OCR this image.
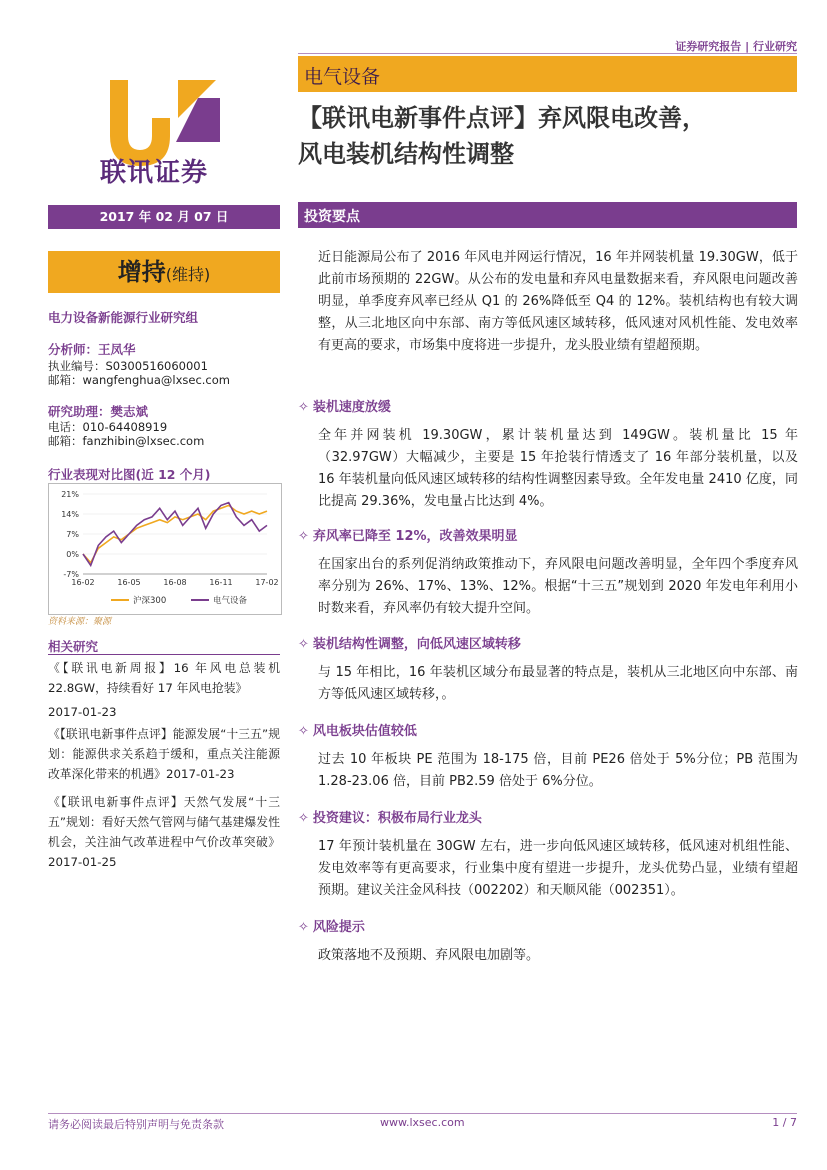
证券研究报告 | 行业研究
电气设备
【联讯电新事件点评】弃风限电改善，
风电装机结构性调整
联讯证券
2017 年 02 月 07 日
增持(维持)
电力设备新能源行业研究组
分析师：王凤华
执业编号：S0300516060001
邮箱：wangfenghua@lxsec.com
研究助理：樊志斌
电话：010-64408919
邮箱：fanzhibin@lxsec.com
行业表现对比图(近 12 个月)
21%
14%
7%
0%
-7%
16-02	16-05	16-08	16-11	17-02
沪深300	电气设备
资料来源：聚源
相关研究
《【联讯电新周报】16 年风电总装机 22.8GW，持续看好 17 年风电抢装》
2017-01-23
《【联讯电新事件点评】能源发展“十三五”规划：能源供求关系趋于缓和，重点关注能源改革深化带来的机遇》2017-01-23
《【联讯电新事件点评】天然气发展“十三五”规划：看好天然气管网与储气基建爆发性机会，关注油气改革进程中气价改革突破》2017-01-25
投资要点
近日能源局公布了 2016 年风电并网运行情况，16 年并网装机量 19.30GW，低于此前市场预期的 22GW。从公布的发电量和弃风电量数据来看，弃风限电问题改善明显，单季度弃风率已经从 Q1 的 26%降低至 Q4 的 12%。装机结构也有较大调整，从三北地区向中东部、南方等低风速区域转移，低风速对风机性能、发电效率有更高的要求，市场集中度将进一步提升，龙头股业绩有望超预期。
✧ 装机速度放缓
全年并网装机 19.30GW，累计装机量达到 149GW。装机量比 15 年（32.97GW）大幅减少，主要是 15 年抢装行情透支了 16 年部分装机量，以及 16 年装机量向低风速区域转移的结构性调整因素导致。全年发电量 2410 亿度，同比提高 29.36%，发电量占比达到 4%。
✧ 弃风率已降至 12%，改善效果明显
在国家出台的系列促消纳政策推动下，弃风限电问题改善明显，全年四个季度弃风率分别为 26%、17%、13%、12%。根据“十三五”规划到 2020 年发电年利用小时数来看，弃风率仍有较大提升空间。
✧ 装机结构性调整，向低风速区域转移
与 15 年相比，16 年装机区域分布最显著的特点是，装机从三北地区向中东部、南方等低风速区域转移，。
✧ 风电板块估值较低
过去 10 年板块 PE 范围为 18-175 倍，目前 PE26 倍处于 5%分位；PB 范围为 1.28-23.06 倍，目前 PB2.59 倍处于 6%分位。
✧ 投资建议：积极布局行业龙头
17 年预计装机量在 30GW 左右，进一步向低风速区域转移，低风速对机组性能、发电效率等有更高要求，行业集中度有望进一步提升，龙头优势凸显，业绩有望超预期。建议关注金风科技（002202）和天顺风能（002351）。
✧ 风险提示
政策落地不及预期、弃风限电加剧等。
请务必阅读最后特别声明与免责条款	www.lxsec.com	1 / 7
